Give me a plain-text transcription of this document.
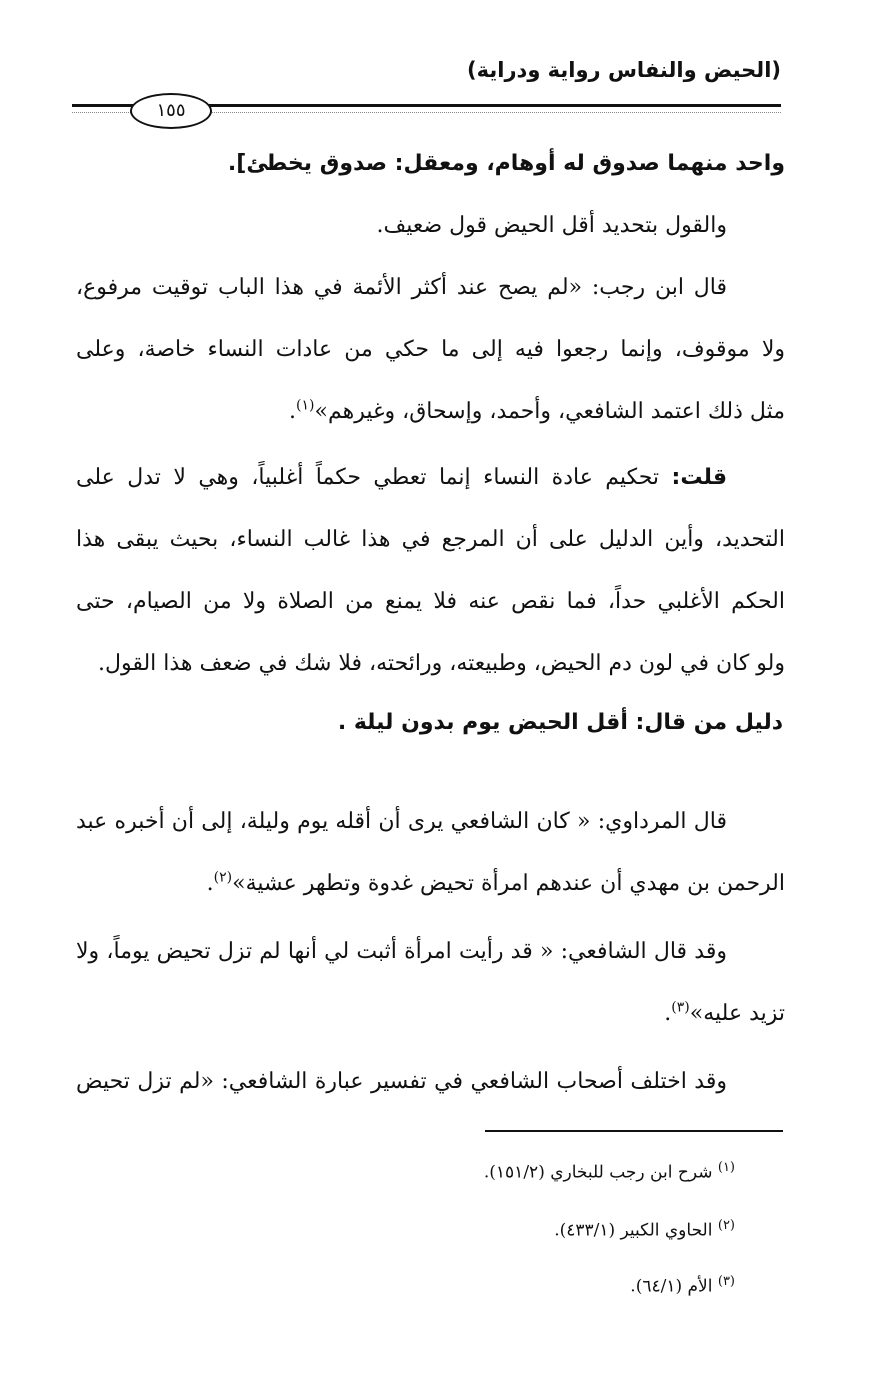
(الحيض والنفاس رواية ودراية)
١٥٥
واحد منهما صدوق له أوهام، ومعقل: صدوق يخطئ].
والقول بتحديد أقل الحيض قول ضعيف.
قال ابن رجب: «لم يصح عند أكثر الأئمة في هذا الباب توقيت مرفوع،
ولا موقوف، وإنما رجعوا فيه إلى ما حكي من عادات النساء خاصة، وعلى
مثل ذلك اعتمد الشافعي، وأحمد، وإسحاق، وغيرهم»$^{(١)}$.
قلت: تحكيم عادة النساء إنما تعطي حكماً أغلبياً، وهي لا تدل على
التحديد، وأين الدليل على أن المرجع في هذا غالب النساء، بحيث يبقى هذا
الحكم الأغلبي حداً، فما نقص عنه فلا يمنع من الصلاة ولا من الصيام، حتى
ولو كان في لون دم الحيض، وطبيعته، ورائحته، فلا شك في ضعف هذا القول.
دليل من قال: أقل الحيض يوم بدون ليلة .
قال المرداوي: « كان الشافعي يرى أن أقله يوم وليلة، إلى أن أخبره عبد
الرحمن بن مهدي أن عندهم امرأة تحيض غدوة وتطهر عشية»$^{(٢)}$.
وقد قال الشافعي: « قد رأيت امرأة أثبت لي أنها لم تزل تحيض يوماً، ولا
تزيد عليه»$^{(٣)}$.
وقد اختلف أصحاب الشافعي في تفسير عبارة الشافعي: «لم تزل تحيض
$^{(١)}$ شرح ابن رجب للبخاري (١٥١/٢).
$^{(٢)}$ الحاوي الكبير (٤٣٣/١).
$^{(٣)}$ الأم (٦٤/١).
